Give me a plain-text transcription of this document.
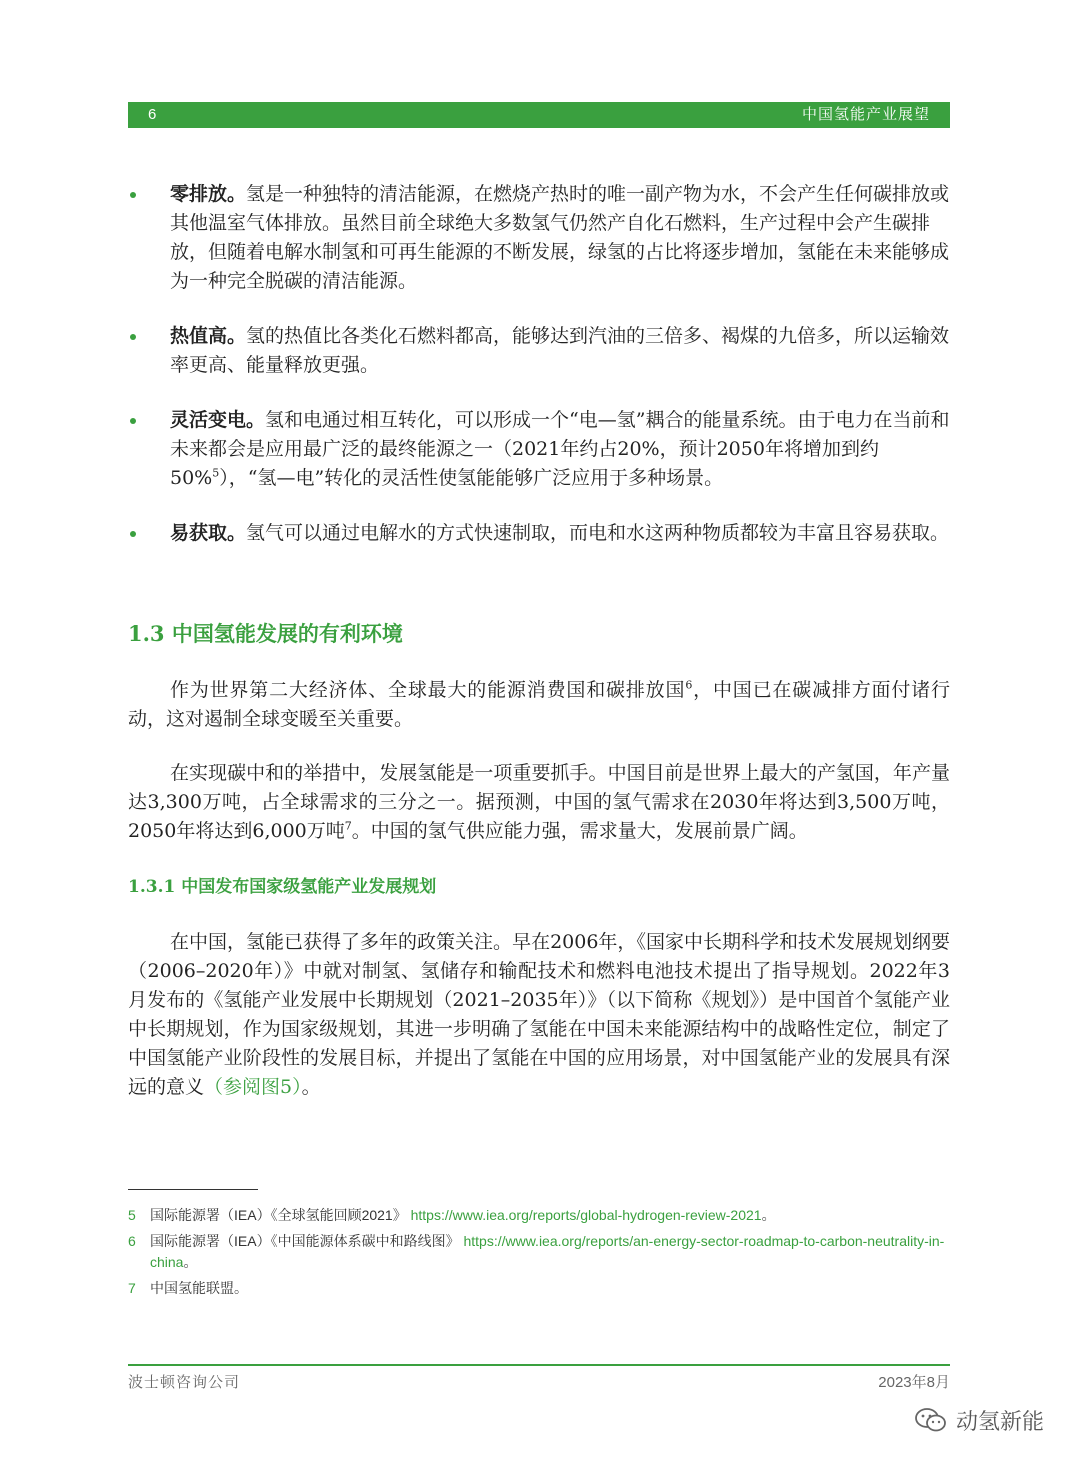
6	中国氢能产业展望
零排放。氢是一种独特的清洁能源，在燃烧产热时的唯一副产物为水，不会产生任何碳排放或其他温室气体排放。虽然目前全球绝大多数氢气仍然产自化石燃料，生产过程中会产生碳排放，但随着电解水制氢和可再生能源的不断发展，绿氢的占比将逐步增加，氢能在未来能够成为一种完全脱碳的清洁能源。
热值高。氢的热值比各类化石燃料都高，能够达到汽油的三倍多、褐煤的九倍多，所以运输效率更高、能量释放更强。
灵活变电。氢和电通过相互转化，可以形成一个“电—氢”耦合的能量系统。由于电力在当前和未来都会是应用最广泛的最终能源之一（2021年约占20%，预计2050年将增加到约50%$^5$），“氢—电”转化的灵活性使氢能能够广泛应用于多种场景。
易获取。氢气可以通过电解水的方式快速制取，而电和水这两种物质都较为丰富且容易获取。
1.3 中国氢能发展的有利环境
作为世界第二大经济体、全球最大的能源消费国和碳排放国$^6$，中国已在碳减排方面付诸行动，这对遏制全球变暖至关重要。
在实现碳中和的举措中，发展氢能是一项重要抓手。中国目前是世界上最大的产氢国，年产量达3,300万吨，占全球需求的三分之一。据预测，中国的氢气需求在2030年将达到3,500万吨，2050年将达到6,000万吨$^7$。中国的氢气供应能力强，需求量大，发展前景广阔。
1.3.1 中国发布国家级氢能产业发展规划
在中国，氢能已获得了多年的政策关注。早在2006年，《国家中长期科学和技术发展规划纲要（2006–2020年）》中就对制氢、氢储存和输配技术和燃料电池技术提出了指导规划。2022年3月发布的《氢能产业发展中长期规划（2021–2035年）》（以下简称《规划》）是中国首个氢能产业中长期规划，作为国家级规划，其进一步明确了氢能在中国未来能源结构中的战略性定位，制定了中国氢能产业阶段性的发展目标，并提出了氢能在中国的应用场景，对中国氢能产业的发展具有深远的意义（参阅图5）。
5 国际能源署（IEA）《全球氢能回顾2021》 https://www.iea.org/reports/global-hydrogen-review-2021。
6 国际能源署（IEA）《中国能源体系碳中和路线图》 https://www.iea.org/reports/an-energy-sector-roadmap-to-carbon-neutrality-in-china。
7 中国氢能联盟。
波士顿咨询公司	2023年8月
动氢新能
